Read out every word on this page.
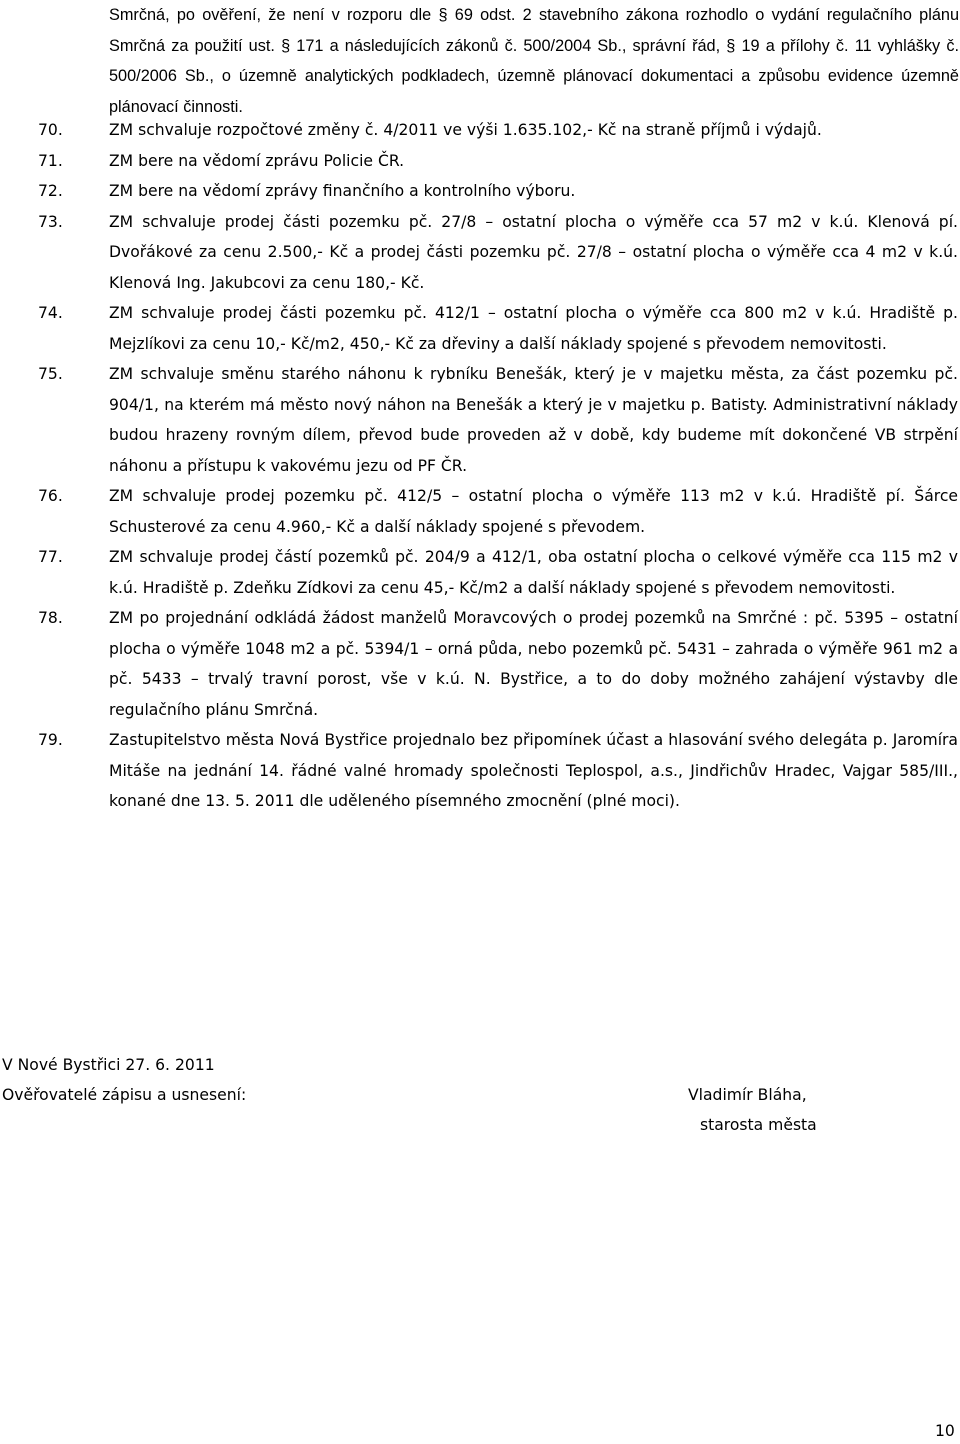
Smrčná, po ověření, že není v rozporu dle § 69 odst. 2 stavebního zákona rozhodlo o vydání regulačního plánu Smrčná za použití ust. § 171 a následujících zákonů č. 500/2004 Sb., správní řád, § 19 a přílohy č. 11 vyhlášky č. 500/2006 Sb., o územně analytických podkladech, územně plánovací dokumentaci a způsobu evidence územně plánovací činnosti.
70.	ZM schvaluje rozpočtové změny č. 4/2011 ve výši 1.635.102,- Kč na straně příjmů i výdajů.
71.	ZM bere na vědomí zprávu Policie ČR.
72.	ZM bere na vědomí zprávy finančního a kontrolního výboru.
73.	ZM schvaluje prodej části pozemku pč. 27/8 – ostatní plocha o výměře cca 57 m2 v k.ú. Klenová pí. Dvořákové za cenu 2.500,- Kč a prodej části pozemku pč. 27/8 – ostatní plocha o výměře cca 4 m2 v k.ú. Klenová Ing. Jakubcovi za cenu 180,- Kč.
74.	ZM schvaluje prodej části pozemku pč. 412/1 – ostatní plocha o výměře cca 800 m2 v k.ú. Hradiště p. Mejzlíkovi za cenu 10,- Kč/m2, 450,- Kč za dřeviny a další náklady spojené s převodem nemovitosti.
75.	ZM schvaluje směnu starého náhonu k rybníku Benešák, který je v majetku města, za část pozemku pč. 904/1, na kterém má město nový náhon na Benešák a který je v majetku p. Batisty. Administrativní náklady budou hrazeny rovným dílem, převod bude proveden až v době, kdy budeme mít dokončené VB strpění náhonu a přístupu k vakovému jezu od PF ČR.
76.	ZM schvaluje prodej pozemku pč. 412/5 – ostatní plocha o výměře 113 m2 v k.ú. Hradiště pí. Šárce Schusterové za cenu 4.960,- Kč a další náklady spojené s převodem.
77.	ZM schvaluje prodej částí pozemků pč. 204/9 a 412/1, oba ostatní plocha o celkové výměře cca 115 m2 v k.ú. Hradiště p. Zdeňku Zídkovi za cenu 45,- Kč/m2 a další náklady spojené s převodem nemovitosti.
78.	ZM po projednání odkládá žádost manželů Moravcových o prodej pozemků na Smrčné : pč. 5395 – ostatní plocha o výměře 1048 m2 a pč. 5394/1 – orná půda, nebo pozemků pč. 5431 – zahrada o výměře 961 m2 a pč. 5433 – trvalý travní porost, vše v k.ú. N. Bystřice, a to do doby možného zahájení výstavby dle regulačního plánu Smrčná.
79.	Zastupitelstvo města Nová Bystřice projednalo bez připomínek účast a hlasování svého delegáta p. Jaromíra Mitáše na jednání 14. řádné valné hromady společnosti Teplospol, a.s., Jindřichův Hradec, Vajgar 585/III., konané dne 13. 5. 2011 dle uděleného písemného zmocnění (plné moci).
V Nové Bystřici 27. 6. 2011
Ověřovatelé zápisu a usnesení:	Vladimír Bláha,
starosta města
10
